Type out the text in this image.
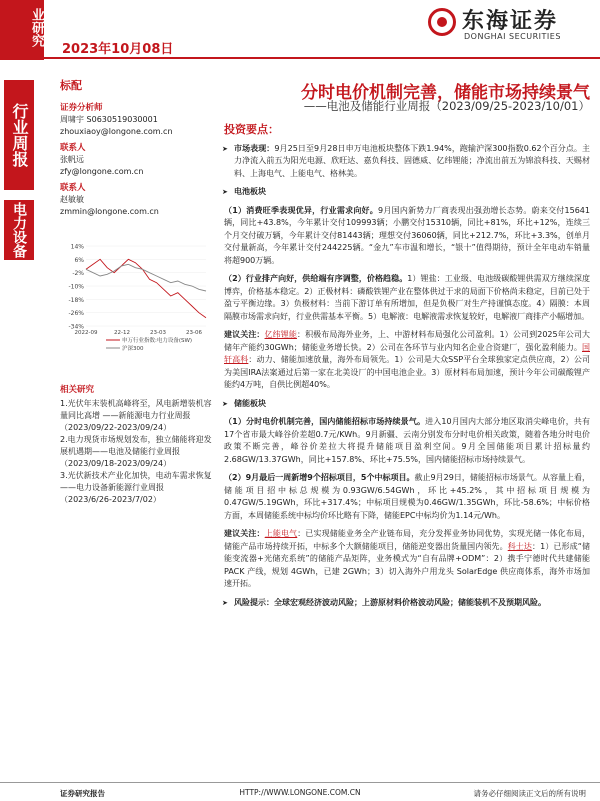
业研究
2023年10月08日
东海证券
DONGHAI SECURITIES
行业周报
电力设备
标配
证券分析师
周啸宇 S0630519030001
zhouxiaoy@longone.com.cn
联系人
张帆远
zfy@longone.com.cn
联系人
赵敏敏
zmmin@longone.com.cn
14%
6%
-2%
-10%
-18%
-26%
-34%
2022-09	22-12	23-03	23-06
申万行业指数:电力设备(SW)
沪深300
相关研究
1.光伏年末装机高峰将至，风电新增装机容量同比高增 ——新能源电力行业周报（2023/09/22-2023/09/24）
2.电力现货市场规划发布，独立储能将迎发展机遇期——电池及储能行业周报（2023/09/18-2023/09/24）
3.光伏新技术产业化加快，电动车需求恢复 ——电力设备新能源行业周报（2023/6/26-2023/7/02）
分时电价机制完善，储能市场持续景气
——电池及储能行业周报（2023/09/25-2023/10/01）
投资要点：
➤ 市场表现：9月25日至9月28日申万电池板块整体下跌1.94%，跑输沪深300指数0.62个百分点。主力净流入前五为阳光电源、欣旺达、嘉负科技、固德威、亿纬锂能；净流出前五为锦浪科技、天赐材料、上海电气、上能电气、格林美。
➤ 电池板块
（1）消费旺季表现优异，行业需求向好。9月国内新势力厂商表现出强劲增长态势。蔚来交付15641辆，同比+43.8%，今年累计交付109993辆；小鹏交付15310辆，同比+81%，环比+12%，连续三个月交付破万辆，今年累计交付81443辆；理想交付36060辆，同比+212.7%，环比+3.3%，创单月交付量新高，今年累计交付244225辆。“金九”车市温和增长，“银十”值得期待，预计全年电动车销量将超900万辆。
（2）行业排产向好，供给端有序调整，价格趋稳。1）锂盐：工业级、电池级碳酸锂供需双方继续深度博弈，价格基本稳定。2）正极材料：磷酸铁锂产业在整体供过于求的局面下价格尚未稳定，目前已处于盈亏平衡边缘。3）负极材料：当前下游订单有所增加，但是负极厂对生产持谨慎态度。4）隔膜：本周隔膜市场需求向好，行业供需基本平衡。5）电解液：电解液需求恢复较好，电解液厂商排产小幅增加。
建议关注：亿纬锂能：积极布局海外业务，上、中游材料布局强化公司盈利。1）公司到2025年公司大储年产能约30GWh；储能业务增长快。2）公司在各环节与业内知名企业合资建厂，强化盈利能力。国轩高科：动力、储能加速放量，海外布局领先。1）公司是大众SSP平台全球独家定点供应商，2）公司为美国IRA法案通过后第一家在北美设厂的中国电池企业。3）原材料布局加速，预计今年公司碳酸锂产能约4万吨，自供比例超40%。
➤ 储能板块
（1）分时电价机制完善，国内储能招标市场持续景气。进入10月国内大部分地区取消尖峰电价，共有17个省市最大峰谷价差超0.7元/KWh。9月新疆、云南分别发布分时电价相关政策，随着各地分时电价政策不断完善，峰谷价差拉大将提升储能项目盈利空间。9月全国储能项目累计招标量约2.68GW/13.37GWh，同比+157.8%、环比+75.5%，国内储能招标市场持续景气。
（2）9月最后一周新增9个招标项目，5个中标项目。截止9月29日，储能招标市场景气。从容量上看，储能项目招中标总规模为0.93GW/6.54GWh，环比+45.2%，其中招标项目规模为0.47GW/5.19GWh，环比+317.4%；中标项目规模为0.46GW/1.35GWh，环比-58.6%；中标价格方面，本周储能系统中标均价环比略有下降，储能EPC中标均价为1.14元/Wh。
建议关注：上能电气：已实现储能业务全产业链布局，充分发挥业务协同优势，实现光储一体化布局，储能产品市场持续开拓，中标多个大额储能项目，储能逆变器出货量国内领先。科士达：1）已形成“储能变流器+光储充系统”的储能产品矩阵，业务模式为“自有品牌+ODM”：2）携手宁德时代共建储能 PACK 产线，规划 4GWh，已建 2GWh；3）切入海外户用龙头 SolarEdge 供应商体系，海外市场加速开拓。
➤ 风险提示：全球宏观经济波动风险；上游原材料价格波动风险；储能装机不及预期风险。
证券研究报告	HTTP://WWW.LONGONE.COM.CN	请务必仔细阅读正文后的所有说明
